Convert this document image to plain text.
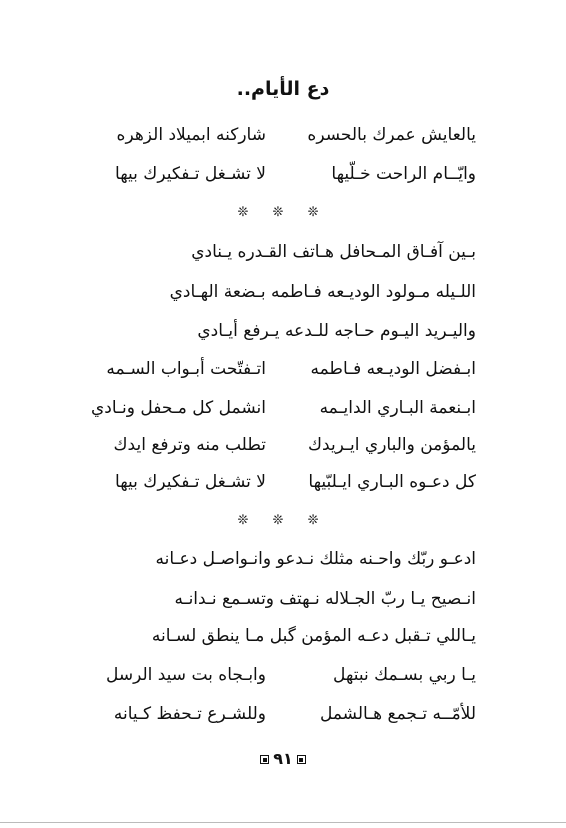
دع الأيام..
يالعايش عمرك بالحسره
شاركنه ابميلاد الزهره
وايّــام الراحت خـلّيها
لا تشـغل تـفكيرك بيها
❊ ❊ ❊
بـين آفـاق المـحافل هـاتف القـدره يـنادي
اللـيله مـولود الوديـعه فـاطمه بـضعة الهـادي
واليـريد اليـوم حـاجه للـدعه يـرفع أيـادي
ابـفضل الوديـعه فـاطمه
اتـفتّحت أبـواب السـمه
ابـنعمة البـاري الدايـمه
انشمل كل مـحفل ونـادي
يالمؤمن والباري ايـريدك
تطلب منه وترفع ايدك
كل دعـوه البـاري ايـلبّيها
لا تشـغل تـفكيرك بيها
❊ ❊ ❊
ادعـو ربّك واحـنه مثلك نـدعو وانـواصـل دعـانه
انـصيح يـا ربّ الجـلاله نـهتف وتسـمع نـدانـه
يـاللي تـقبل دعـه المؤمن گبل مـا ينطق لسـانه
يـا ربي بسـمك نبتهل
وابـجاه بت سيد الرسل
للأمّــه تـجمع هـالشمل
وللشـرع تـحفظ كـيانه
٩١
